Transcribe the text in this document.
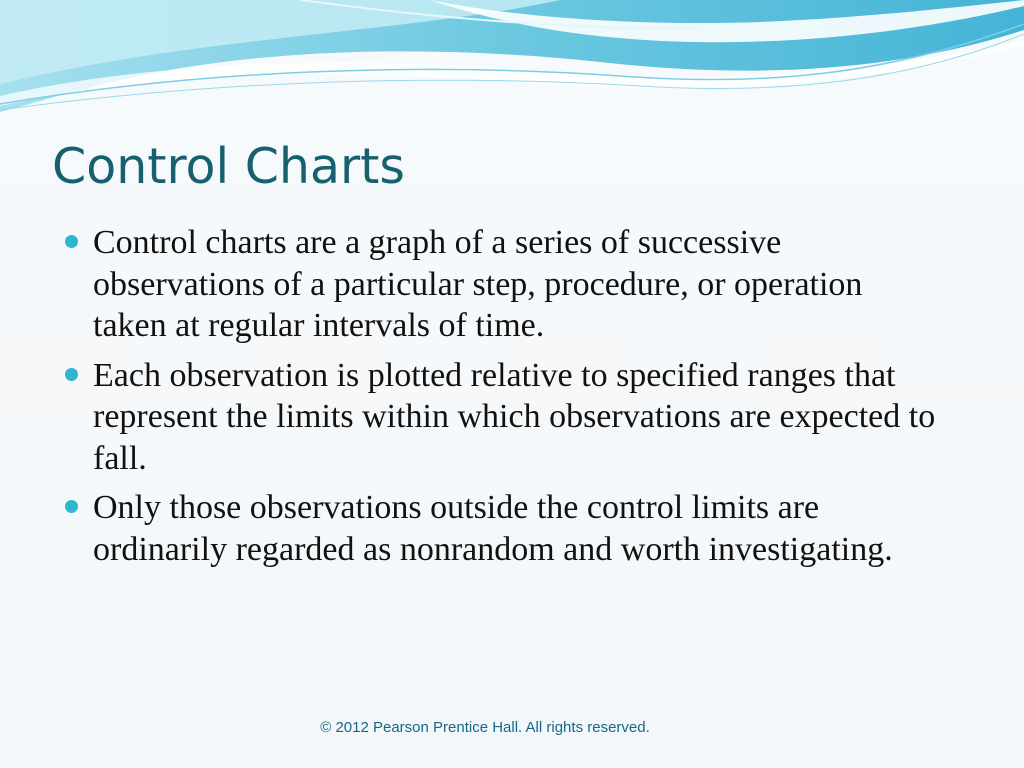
Control Charts
Control charts are a graph of a series of successive observations of a particular step, procedure, or operation taken at regular intervals of time.
Each observation is plotted relative to specified ranges that represent the limits within which observations are expected to fall.
Only those observations outside the control limits are ordinarily regarded as nonrandom and worth investigating.
© 2012 Pearson Prentice Hall. All rights reserved.
